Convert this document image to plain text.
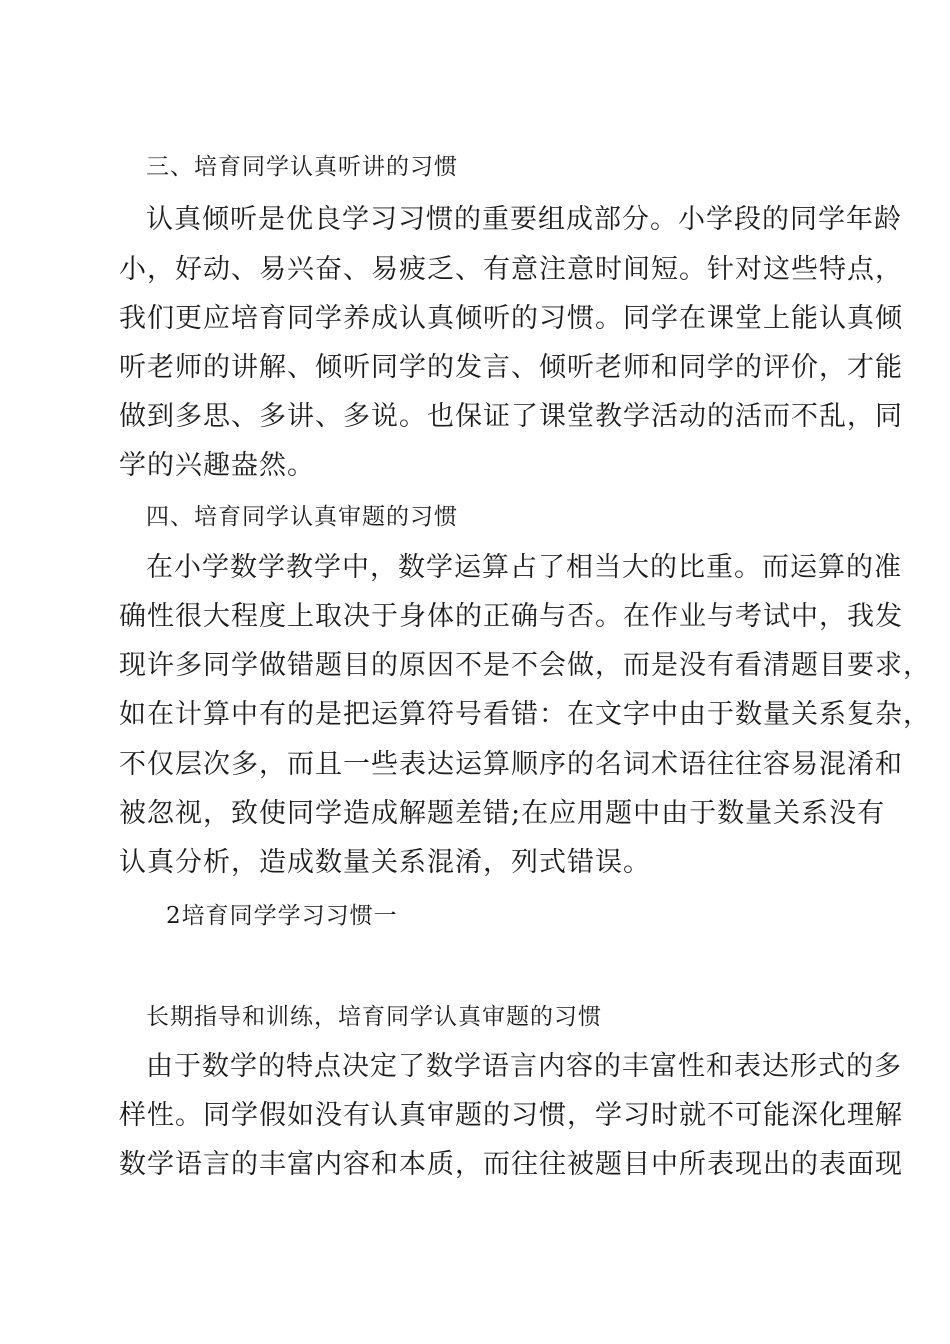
三、培育同学认真听讲的习惯
认真倾听是优良学习习惯的重要组成部分。小学段的同学年龄
小，好动、易兴奋、易疲乏、有意注意时间短。针对这些特点，
我们更应培育同学养成认真倾听的习惯。同学在课堂上能认真倾
听老师的讲解、倾听同学的发言、倾听老师和同学的评价，才能
做到多思、多讲、多说。也保证了课堂教学活动的活而不乱，同
学的兴趣盎然。
四、培育同学认真审题的习惯
在小学数学教学中，数学运算占了相当大的比重。而运算的准
确性很大程度上取决于身体的正确与否。在作业与考试中，我发
现许多同学做错题目的原因不是不会做，而是没有看清题目要求，
如在计算中有的是把运算符号看错：在文字中由于数量关系复杂，
不仅层次多，而且一些表达运算顺序的名词术语往往容易混淆和
被忽视，致使同学造成解题差错;在应用题中由于数量关系没有
认真分析，造成数量关系混淆，列式错误。
2培育同学学习习惯一
长期指导和训练，培育同学认真审题的习惯
由于数学的特点决定了数学语言内容的丰富性和表达形式的多
样性。同学假如没有认真审题的习惯，学习时就不可能深化理解
数学语言的丰富内容和本质，而往往被题目中所表现出的表面现
